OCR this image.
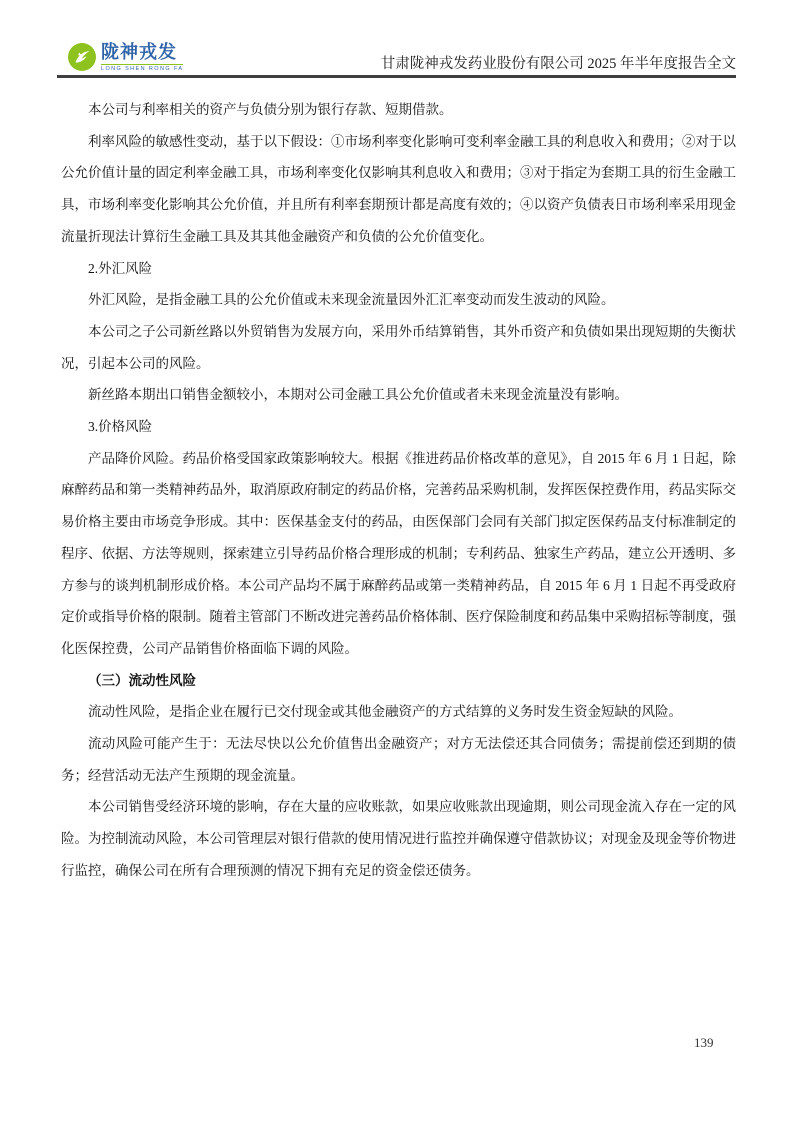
陇神戎发
LONG SHEN RONG FA	甘肃陇神戎发药业股份有限公司 2025 年半年度报告全文

本公司与利率相关的资产与负债分别为银行存款、短期借款。

利率风险的敏感性变动，基于以下假设：①市场利率变化影响可变利率金融工具的利息收入和费用；②对于以公允价值计量的固定利率金融工具，市场利率变化仅影响其利息收入和费用；③对于指定为套期工具的衍生金融工具，市场利率变化影响其公允价值，并且所有利率套期预计都是高度有效的；④以资产负债表日市场利率采用现金流量折现法计算衍生金融工具及其其他金融资产和负债的公允价值变化。

2.外汇风险

外汇风险，是指金融工具的公允价值或未来现金流量因外汇汇率变动而发生波动的风险。

本公司之子公司新丝路以外贸销售为发展方向，采用外币结算销售，其外币资产和负债如果出现短期的失衡状况，引起本公司的风险。

新丝路本期出口销售金额较小，本期对公司金融工具公允价值或者未来现金流量没有影响。

3.价格风险

产品降价风险。药品价格受国家政策影响较大。根据《推进药品价格改革的意见》，自 2015 年 6 月 1 日起，除麻醉药品和第一类精神药品外，取消原政府制定的药品价格，完善药品采购机制，发挥医保控费作用，药品实际交易价格主要由市场竞争形成。其中：医保基金支付的药品，由医保部门会同有关部门拟定医保药品支付标准制定的程序、依据、方法等规则，探索建立引导药品价格合理形成的机制；专利药品、独家生产药品，建立公开透明、多方参与的谈判机制形成价格。本公司产品均不属于麻醉药品或第一类精神药品，自 2015 年 6 月 1 日起不再受政府定价或指导价格的限制。随着主管部门不断改进完善药品价格体制、医疗保险制度和药品集中采购招标等制度，强化医保控费，公司产品销售价格面临下调的风险。

（三）流动性风险

流动性风险，是指企业在履行已交付现金或其他金融资产的方式结算的义务时发生资金短缺的风险。

流动风险可能产生于：无法尽快以公允价值售出金融资产；对方无法偿还其合同债务；需提前偿还到期的债务；经营活动无法产生预期的现金流量。

本公司销售受经济环境的影响，存在大量的应收账款，如果应收账款出现逾期，则公司现金流入存在一定的风险。为控制流动风险，本公司管理层对银行借款的使用情况进行监控并确保遵守借款协议；对现金及现金等价物进行监控，确保公司在所有合理预测的情况下拥有充足的资金偿还债务。

139
